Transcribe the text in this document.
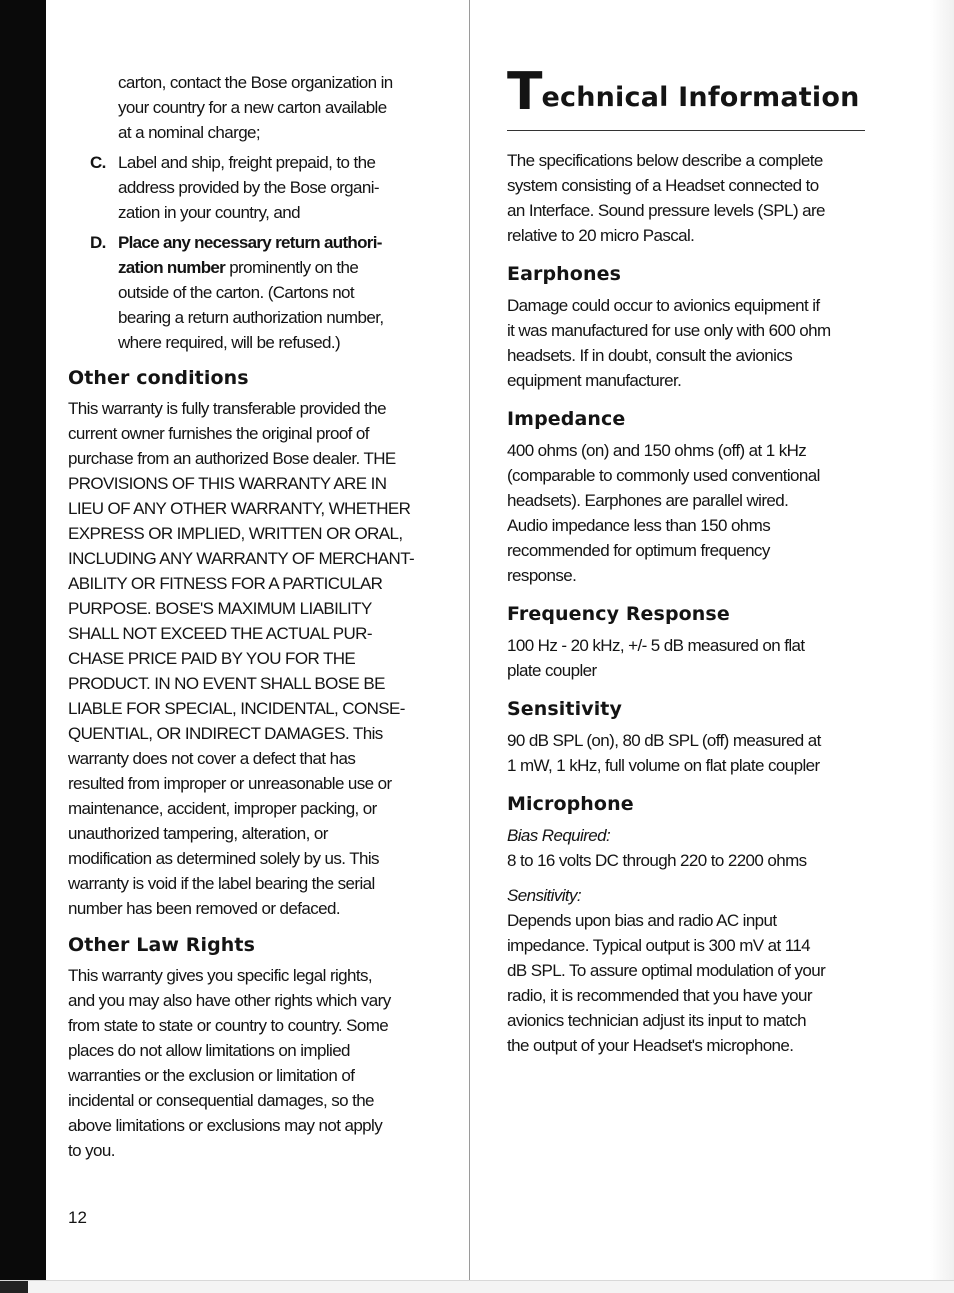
carton, contact the Bose organization in

your country for a new carton available

at a nominal charge;

C. Label and ship, freight prepaid, to the

address provided by the Bose organi-

zation in your country, and

D. Place any necessary return authori-

zation number prominently on the

outside of the carton. (Cartons not

bearing a return authorization number,

where required, will be refused.)

Other conditions

This warranty is fully transferable provided the

current owner furnishes the original proof of

purchase from an authorized Bose dealer. THE

PROVISIONS OF THIS WARRANTY ARE IN

LIEU OF ANY OTHER WARRANTY, WHETHER

EXPRESS OR IMPLIED, WRITTEN OR ORAL,

INCLUDING ANY WARRANTY OF MERCHANT-

ABILITY OR FITNESS FOR A PARTICULAR

PURPOSE. BOSE'S MAXIMUM LIABILITY

SHALL NOT EXCEED THE ACTUAL PUR-

CHASE PRICE PAID BY YOU FOR THE

PRODUCT. IN NO EVENT SHALL BOSE BE

LIABLE FOR SPECIAL, INCIDENTAL, CONSE-

QUENTIAL, OR INDIRECT DAMAGES. This

warranty does not cover a defect that has

resulted from improper or unreasonable use or

maintenance, accident, improper packing, or

unauthorized tampering, alteration, or

modification as determined solely by us. This

warranty is void if the label bearing the serial

number has been removed or defaced.

Other Law Rights

This warranty gives you specific legal rights,

and you may also have other rights which vary

from state to state or country to country. Some

places do not allow limitations on implied

warranties or the exclusion or limitation of

incidental or consequential damages, so the

above limitations or exclusions may not apply

to you.

12
Technical Information

The specifications below describe a complete

system consisting of a Headset connected to

an Interface. Sound pressure levels (SPL) are

relative to 20 micro Pascal.

Earphones

Damage could occur to avionics equipment if

it was manufactured for use only with 600 ohm

headsets. If in doubt, consult the avionics

equipment manufacturer.

Impedance

400 ohms (on) and 150 ohms (off) at 1 kHz

(comparable to commonly used conventional

headsets). Earphones are parallel wired.

Audio impedance less than 150 ohms

recommended for optimum frequency

response.

Frequency Response

100 Hz - 20 kHz, +/- 5 dB measured on flat

plate coupler

Sensitivity

90 dB SPL (on), 80 dB SPL (off) measured at

1 mW, 1 kHz, full volume on flat plate coupler

Microphone

Bias Required:

8 to 16 volts DC through 220 to 2200 ohms

Sensitivity:

Depends upon bias and radio AC input

impedance. Typical output is 300 mV at 114

dB SPL. To assure optimal modulation of your

radio, it is recommended that you have your

avionics technician adjust its input to match

the output of your Headset's microphone.
